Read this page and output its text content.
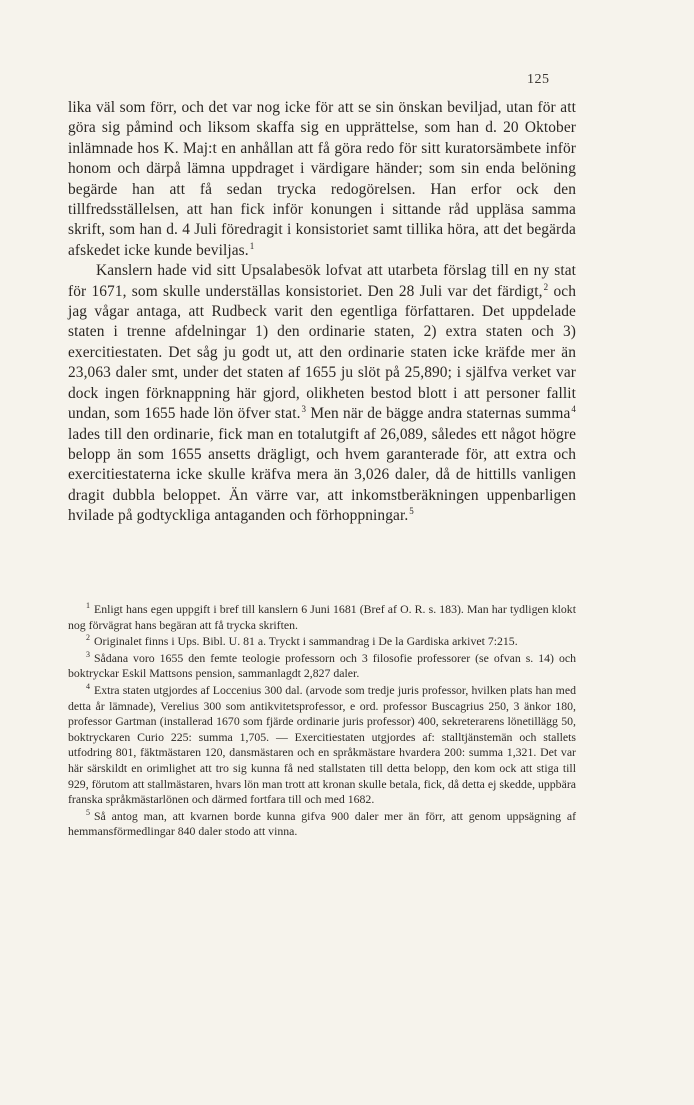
125

lika väl som förr, och det var nog icke för att se sin önskan beviljad, utan för att göra sig påmind och liksom skaffa sig en upprättelse, som han d. 20 Oktober inlämnade hos K. Maj:t en anhållan att få göra redo för sitt kuratorsämbete inför honom och därpå lämna uppdraget i värdigare händer; som sin enda belöning begärde han att få sedan trycka redogörelsen. Han erfor ock den tillfredsställelsen, att han fick inför konungen i sittande råd uppläsa samma skrift, som han d. 4 Juli föredragit i konsistoriet samt tillika höra, att det begärda afskedet icke kunde beviljas.$^1$

Kanslern hade vid sitt Upsalabesök lofvat att utarbeta förslag till en ny stat för 1671, som skulle underställas konsistoriet. Den 28 Juli var det färdigt,$^2$ och jag vågar antaga, att Rudbeck varit den egentliga författaren. Det uppdelade staten i trenne afdelningar 1) den ordinarie staten, 2) extra staten och 3) exercitiestaten. Det såg ju godt ut, att den ordinarie staten icke kräfde mer än 23,063 daler smt, under det staten af 1655 ju slöt på 25,890; i själfva verket var dock ingen förknappning här gjord, olikheten bestod blott i att personer fallit undan, som 1655 hade lön öfver stat.$^3$ Men när de bägge andra staternas summa$^4$ lades till den ordinarie, fick man en totalutgift af 26,089, således ett något högre belopp än som 1655 ansetts drägligt, och hvem garanterade för, att extra och exercitiestaterna icke skulle kräfva mera än 3,026 daler, då de hittills vanligen dragit dubbla beloppet. Än värre var, att inkomstberäkningen uppenbarligen hvilade på godtyckliga antaganden och förhoppningar.$^5$

$^1$ Enligt hans egen uppgift i bref till kanslern 6 Juni 1681 (Bref af O. R. s. 183). Man har tydligen klokt nog förvägrat hans begäran att få trycka skriften.

$^2$ Originalet finns i Ups. Bibl. U. 81 a. Tryckt i sammandrag i De la Gardiska arkivet 7:215.

$^3$ Sådana voro 1655 den femte teologie professorn och 3 filosofie professorer (se ofvan s. 14) och boktryckar Eskil Mattsons pension, sammanlagdt 2,827 daler.

$^4$ Extra staten utgjordes af Loccenius 300 dal. (arvode som tredje juris professor, hvilken plats han med detta år lämnade), Verelius 300 som antikvitetsprofessor, e ord. professor Buscagrius 250, 3 änkor 180, professor Gartman (installerad 1670 som fjärde ordinarie juris professor) 400, sekreterarens lönetillägg 50, boktryckaren Curio 225: summa 1,705. — Exercitiestaten utgjordes af: stalltjänstemän och stallets utfodring 801, fäktmästaren 120, dansmästaren och en språkmästare hvardera 200: summa 1,321. Det var här särskildt en orimlighet att tro sig kunna få ned stallstaten till detta belopp, den kom ock att stiga till 929, förutom att stallmästaren, hvars lön man trott att kronan skulle betala, fick, då detta ej skedde, uppbära franska språkmästarlönen och därmed fortfara till och med 1682.

$^5$ Så antog man, att kvarnen borde kunna gifva 900 daler mer än förr, att genom uppsägning af hemmansförmedlingar 840 daler stodo att vinna.
